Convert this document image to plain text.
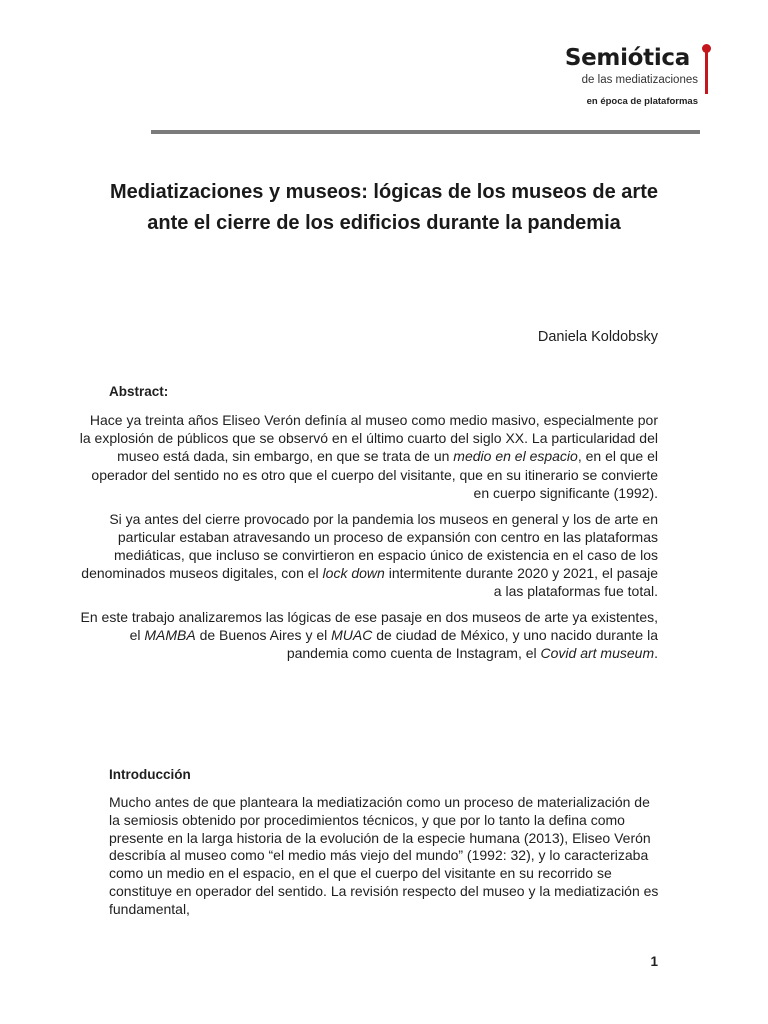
Semiótica
de las mediatizaciones
en época de plataformas
Mediatizaciones y museos: lógicas de los museos de arte ante el cierre de los edificios durante la pandemia
Daniela Koldobsky
Abstract:

Hace ya treinta años Eliseo Verón definía al museo como medio masivo, especialmente por la explosión de públicos que se observó en el último cuarto del siglo XX. La particularidad del museo está dada, sin embargo, en que se trata de un medio en el espacio, en el que el operador del sentido no es otro que el cuerpo del visitante, que en su itinerario se convierte en cuerpo significante (1992).

Si ya antes del cierre provocado por la pandemia los museos en general y los de arte en particular estaban atravesando un proceso de expansión con centro en las plataformas mediáticas, que incluso se convirtieron en espacio único de existencia en el caso de los denominados museos digitales, con el lock down intermitente durante 2020 y 2021, el pasaje a las plataformas fue total.

En este trabajo analizaremos las lógicas de ese pasaje en dos museos de arte ya existentes, el MAMBA de Buenos Aires y el MUAC de ciudad de México, y uno nacido durante la pandemia como cuenta de Instagram, el Covid art museum.

Introducción

Mucho antes de que planteara la mediatización como un proceso de materialización de la semiosis obtenido por procedimientos técnicos, y que por lo tanto la defina como presente en la larga historia de la evolución de la especie humana (2013), Eliseo Verón describía al museo como “el medio más viejo del mundo” (1992: 32), y lo caracterizaba como un medio en el espacio, en el que el cuerpo del visitante en su recorrido se constituye en operador del sentido. La revisión respecto del museo y la mediatización es fundamental,

1
